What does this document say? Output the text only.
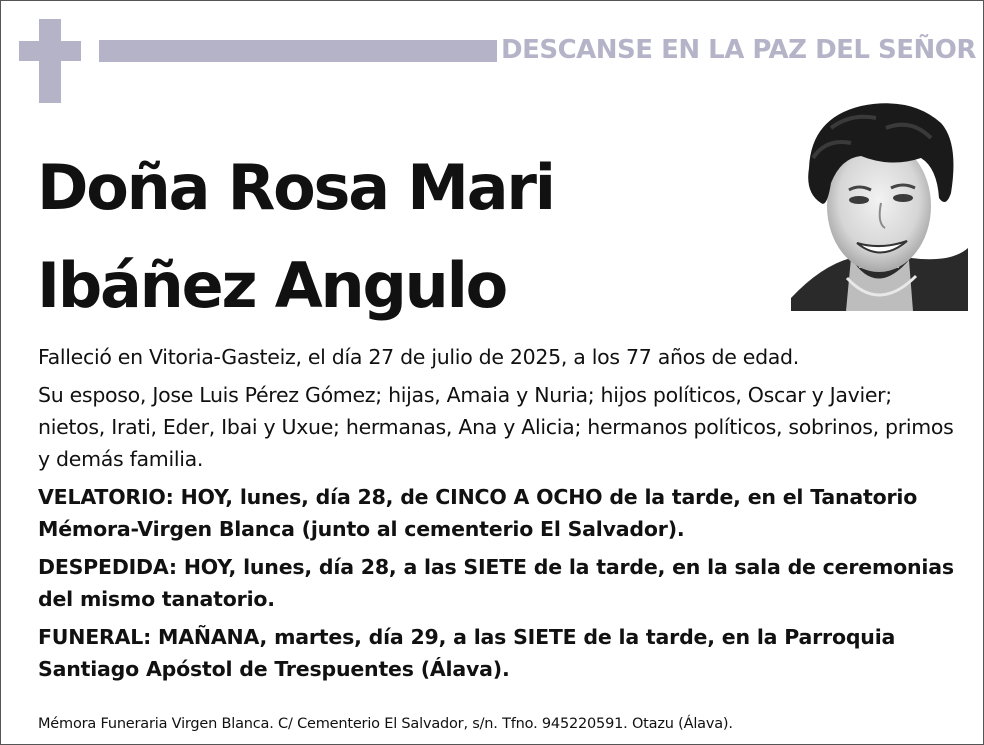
DESCANSE EN LA PAZ DEL SEÑOR
Doña Rosa Mari
Ibáñez Angulo

Falleció en Vitoria-Gasteiz, el día 27 de julio de 2025, a los 77 años de edad.

Su esposo, Jose Luis Pérez Gómez; hijas, Amaia y Nuria; hijos políticos, Oscar y Javier; nietos, Irati, Eder, Ibai y Uxue; hermanas, Ana y Alicia; hermanos políticos, sobrinos, primos y demás familia.

VELATORIO: HOY, lunes, día 28, de CINCO A OCHO de la tarde, en el Tanatorio Mémora-Virgen Blanca (junto al cementerio El Salvador).

DESPEDIDA: HOY, lunes, día 28, a las SIETE de la tarde, en la sala de ceremonias del mismo tanatorio.

FUNERAL: MAÑANA, martes, día 29, a las SIETE de la tarde, en la Parroquia Santiago Apóstol de Trespuentes (Álava).

Mémora Funeraria Virgen Blanca. C/ Cementerio El Salvador, s/n. Tfno. 945220591. Otazu (Álava).
